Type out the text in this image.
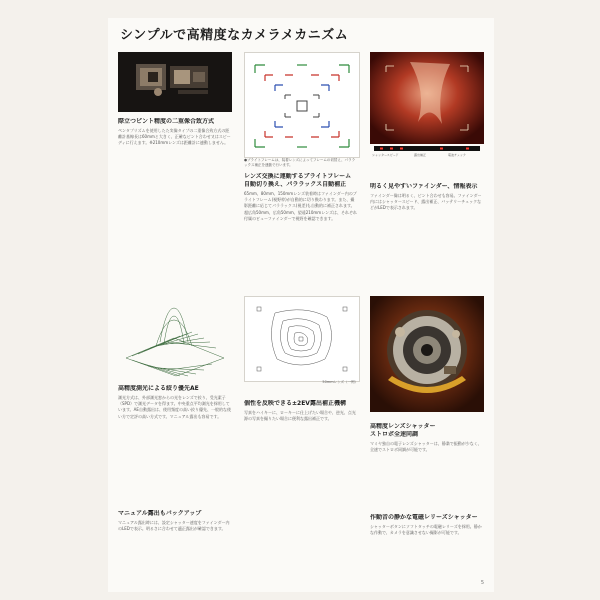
シンプルで高精度なカメラメカニズム
際立つピント精度の二重像合致方式
ペンタプリズムを使用したた実像タイプの二重像合致方式の距離計基線長は60mmと大きく、正確なピント合わせ又はスピーディに行えます。※210mmレンズは距離計に連動しません。
●ブライトフレームは、装着レンズによってフレームの切替え、パララックス補正を連動で行います。
レンズ交換に連動するブライトフレーム
自動切り換え、パララックス自動補正
65mm、80mm、150mmレンズ装着時はファインダー内のブライトフレーム(視野枠)が自動的に切り換わります。また、撮影距離に応じてパララックス(視差)も自動的に補正されます。超広角50mm、広角50mm、望遠210mmレンズは、それぞれ付属のビューファインダーで視野を確認できます。
シャッタースピード	露出補正	電池チェック
明るく見やすいファインダー、情報表示
ファインダー像は明るく、ピント合わせも容易。ファインダー内にはシャッタースピード、露出補正、バッテリーチェックなどがLEDで表示されます。
高精度測光による絞り優先AE
測光方式は、外部測光窓からの光をレンズで絞り、受光素子（SPD）で測光データを得ます。中央重点平均測光を採用しています。AE自動露出は、使用頻度の高い絞り優先、一般的な使い方で定評の高い方式です。マニュアル露出も容易です。
50mmレンズ（一例）
個性を反映できる±2EV露出補正機構
写真をハイキーに、ローキーに仕上げたい場合や、逆光、点光源の写真を撮りたい場合に便利な露出補正です。
高精度レンズシャッター
ストロボ全速同調
マミヤ独自の電子レンズシャッターは、静粛で振動が少なく、全速でストロボ同調が可能です。
マニュアル露出もバックアップ
マニュアル露出時には、設定シャッター速度をファインダー内のLEDで表示。明るさに合わせて適正露出が確認できます。
作動音の静かな電磁レリーズシャッター
シャッターボタンにソフトタッチの電磁レリーズを採用。静かな作動で、カメラを意識させない撮影が可能です。
5
